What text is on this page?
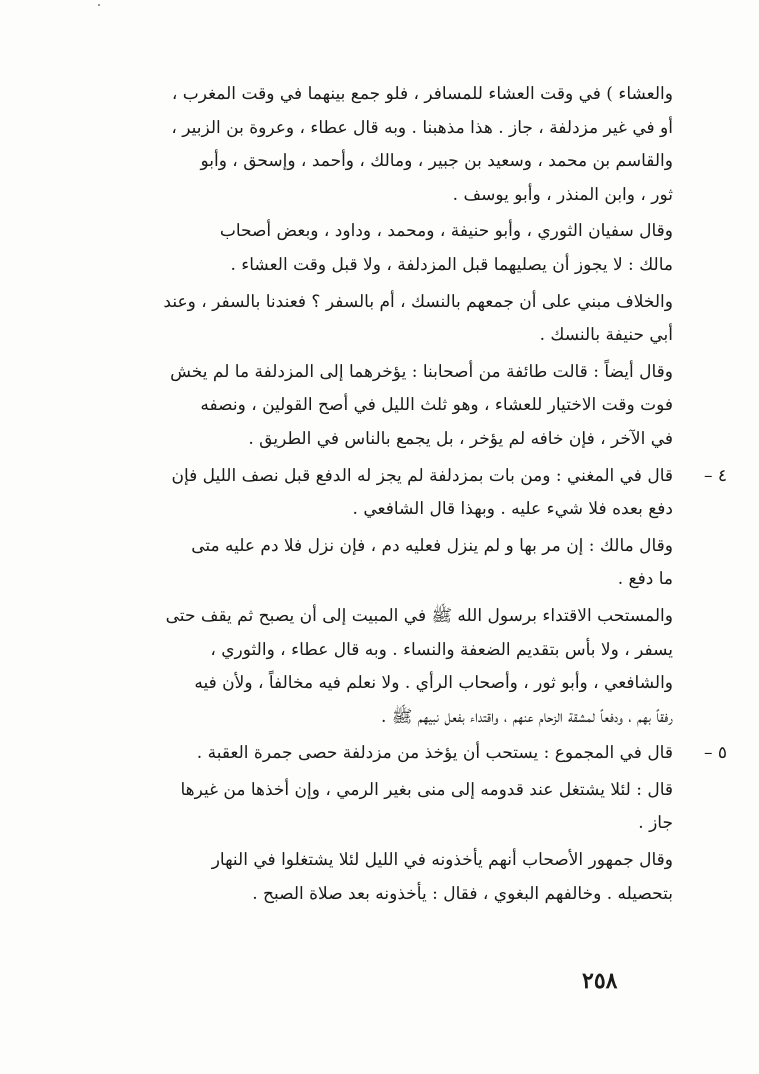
والعشاء ) في وقت العشاء للمسافر ، فلو جمع بينهما في وقت المغرب ،
أو في غير مزدلفة ، جاز . هذا مذهبنا . وبه قال عطاء ، وعروة بن الزبير ،
والقاسم بن محمد ، وسعيد بن جبير ، ومالك ، وأحمد ، وإسحق ، وأبو
ثور ، وابن المنذر ، وأبو يوسف .

وقال سفيان الثوري ، وأبو حنيفة ، ومحمد ، وداود ، وبعض أصحاب
مالك : لا يجوز أن يصليهما قبل المزدلفة ، ولا قبل وقت العشاء .

والخلاف مبني على أن جمعهم بالنسك ، أم بالسفر ؟ فعندنا بالسفر ، وعند
أبي حنيفة بالنسك .

وقال أيضاً : قالت طائفة من أصحابنا : يؤخرهما إلى المزدلفة ما لم يخش
فوت وقت الاختيار للعشاء ، وهو ثلث الليل في أصح القولين ، ونصفه
في الآخر ، فإن خافه لم يؤخر ، بل يجمع بالناس في الطريق .

٤ –
قال في المغني : ومن بات بمزدلفة لم يجز له الدفع قبل نصف الليل فإن
دفع بعده فلا شيء عليه . وبهذا قال الشافعي .

وقال مالك : إن مر بها و لم ينزل فعليه دم ، فإن نزل فلا دم عليه متى
ما دفع .

والمستحب الاقتداء برسول الله ﷺ في المبيت إلى أن يصبح ثم يقف حتى
يسفر ، ولا بأس بتقديم الضعفة والنساء . وبه قال عطاء ، والثوري ،
والشافعي ، وأبو ثور ، وأصحاب الرأي . ولا نعلم فيه مخالفاً ، ولأن فيه
رفقاً بهم ، ودفعاً لمشقة الزحام عنهم ، واقتداء بفعل نبيهم ﷺ .

٥ –
قال في المجموع : يستحب أن يؤخذ من مزدلفة حصى جمرة العقبة .

قال : لئلا يشتغل عند قدومه إلى منى بغير الرمي ، وإن أخذها من غيرها
جاز .

وقال جمهور الأصحاب أنهم يأخذونه في الليل لئلا يشتغلوا في النهار
بتحصيله . وخالفهم البغوي ، فقال : يأخذونه بعد صلاة الصبح .

٢٥٨
